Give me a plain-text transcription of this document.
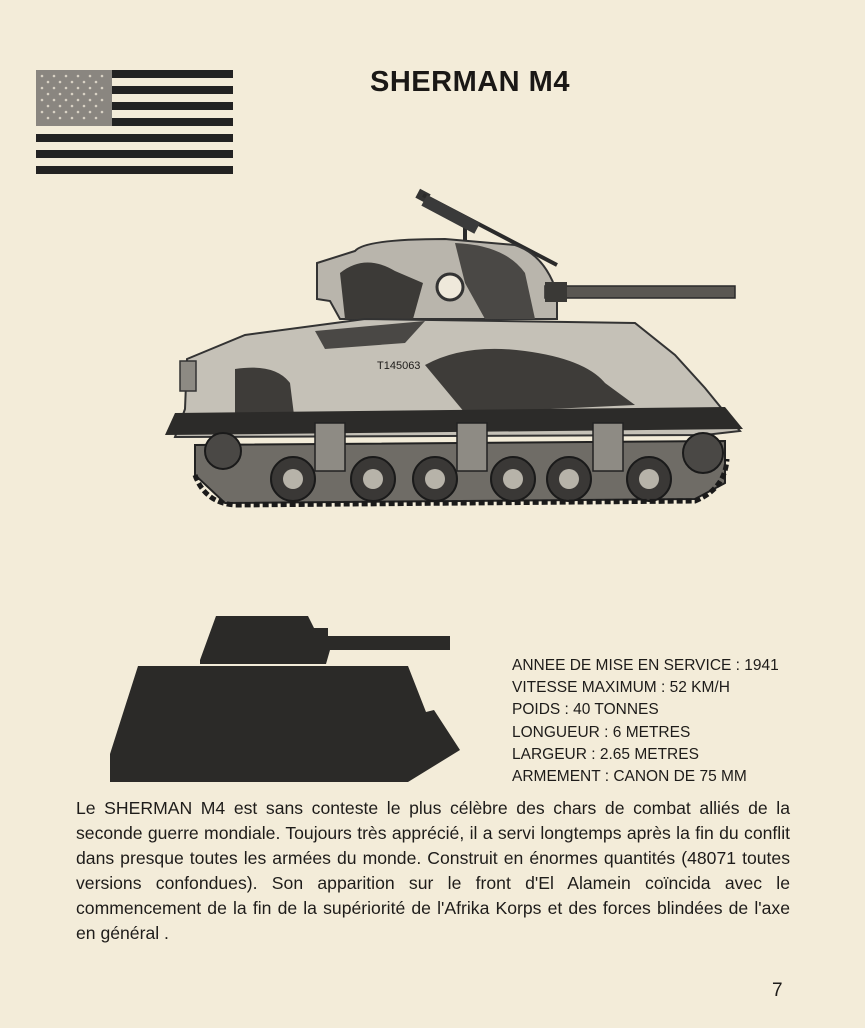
SHERMAN M4
T145063
ANNEE DE MISE EN SERVICE : 1941
VITESSE MAXIMUM : 52 KM/H
POIDS : 40 TONNES
LONGUEUR : 6 METRES
LARGEUR : 2.65 METRES
ARMEMENT : CANON DE 75 MM
Le SHERMAN M4 est sans conteste le plus célèbre des chars de combat alliés de la seconde guerre mondiale. Toujours très apprécié, il a servi longtemps après la fin du conflit dans presque toutes les armées du monde. Construit en énormes quantités (48071 toutes versions confondues). Son apparition sur le front d'El Alamein coïncida avec le commencement de la fin de la supériorité de l'Afrika Korps et des forces blindées de l'axe en général .
7
